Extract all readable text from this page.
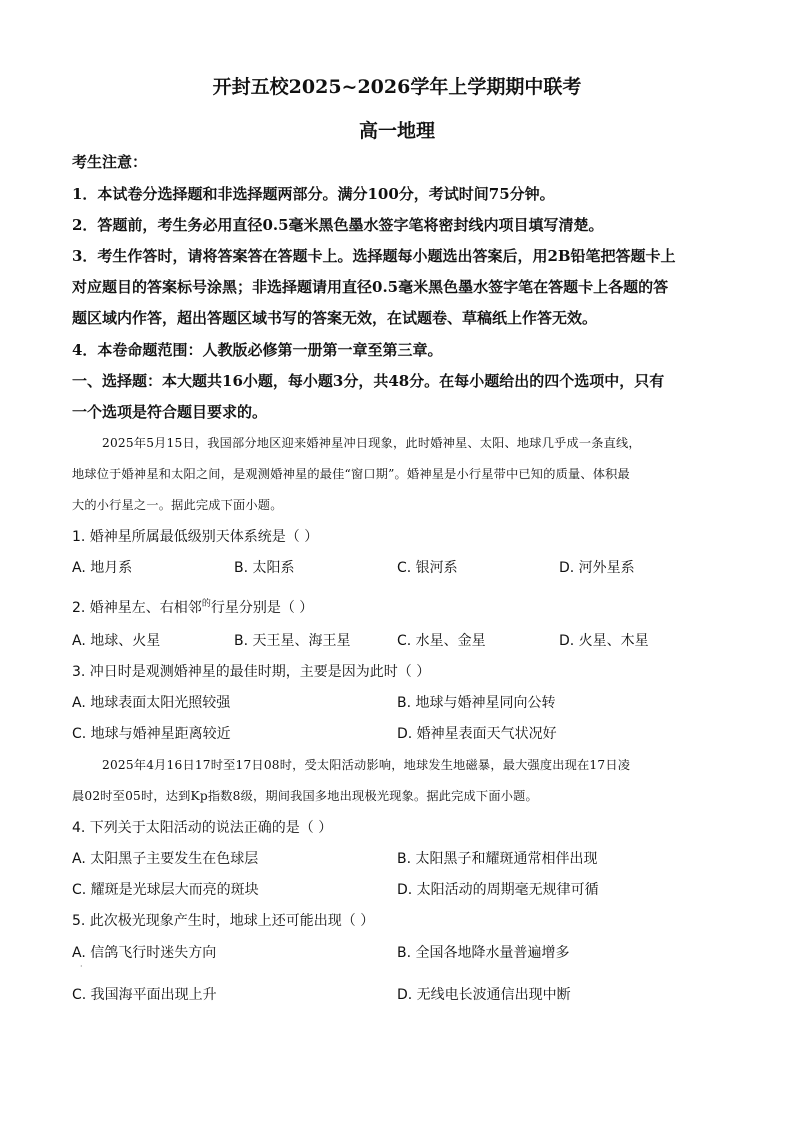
开封五校2025~2026学年上学期期中联考
高一地理
考生注意：
1．本试卷分选择题和非选择题两部分。满分100分，考试时间75分钟。
2．答题前，考生务必用直径0.5毫米黑色墨水签字笔将密封线内项目填写清楚。
3．考生作答时，请将答案答在答题卡上。选择题每小题选出答案后，用2B铅笔把答题卡上
对应题目的答案标号涂黑；非选择题请用直径0.5毫米黑色墨水签字笔在答题卡上各题的答
题区域内作答，超出答题区域书写的答案无效，在试题卷、草稿纸上作答无效。
4．本卷命题范围：人教版必修第一册第一章至第三章。
一、选择题：本大题共16小题，每小题3分，共48分。在每小题给出的四个选项中，只有
一个选项是符合题目要求的。
2025年5月15日，我国部分地区迎来婚神星冲日现象，此时婚神星、太阳、地球几乎成一条直线，
地球位于婚神星和太阳之间，是观测婚神星的最佳“窗口期”。婚神星是小行星带中已知的质量、体积最
大的小行星之一。据此完成下面小题。
1. 婚神星所属最低级别天体系统是（ ）
A. 地月系	B. 太阳系	C. 银河系	D. 河外星系
2. 婚神星左、右相邻$^的$行星分别是（ ）
A. 地球、火星	B. 天王星、海王星	C. 水星、金星	D. 火星、木星
3. 冲日时是观测婚神星的最佳时期，主要是因为此时（ ）
A. 地球表面太阳光照较强	B. 地球与婚神星同向公转
C. 地球与婚神星距离较近	D. 婚神星表面天气状况好
2025年4月16日17时至17日08时，受太阳活动影响，地球发生地磁暴，最大强度出现在17日凌
晨02时至05时，达到Kp指数8级，期间我国多地出现极光现象。据此完成下面小题。
4. 下列关于太阳活动的说法正确的是（ ）
A. 太阳黑子主要发生在色球层	B. 太阳黑子和耀斑通常相伴出现
C. 耀斑是光球层大而亮的斑块	D. 太阳活动的周期毫无规律可循
5. 此次极光现象产生时，地球上还可能出现（ ）
A. 信鸽飞行时迷失方向	B. 全国各地降水量普遍增多
·
C. 我国海平面出现上升	D. 无线电长波通信出现中断
